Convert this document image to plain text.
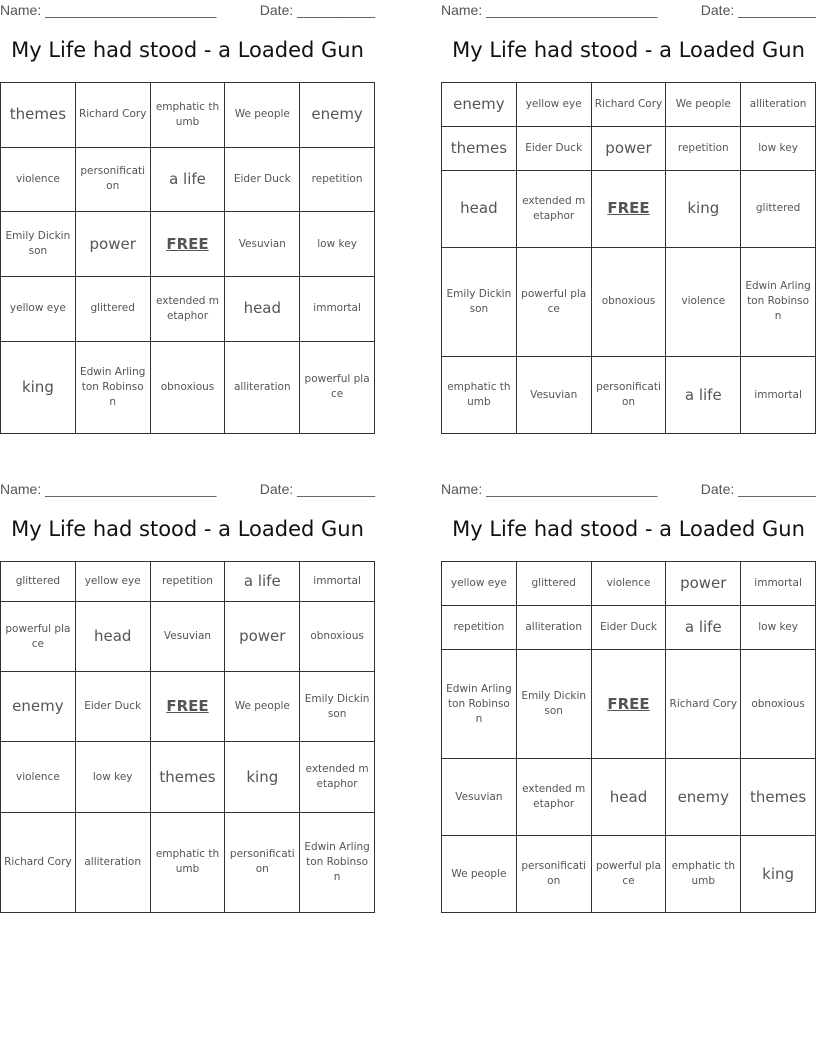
Name: ______________________	Date: __________
My Life had stood - a Loaded Gun
themes	Richard Cory	emphatic thumb	We people	enemy
violence	personification	a life	Eider Duck	repetition
Emily Dickinson	power	FREE	Vesuvian	low key
yellow eye	glittered	extended metaphor	head	immortal
king	Edwin Arlington Robinson	obnoxious	alliteration	powerful place
Name: ______________________	Date: __________
My Life had stood - a Loaded Gun
enemy	yellow eye	Richard Cory	We people	alliteration
themes	Eider Duck	power	repetition	low key
head	extended metaphor	FREE	king	glittered
Emily Dickinson	powerful place	obnoxious	violence	Edwin Arlington Robinson
emphatic thumb	Vesuvian	personification	a life	immortal
Name: ______________________	Date: __________
My Life had stood - a Loaded Gun
glittered	yellow eye	repetition	a life	immortal
powerful place	head	Vesuvian	power	obnoxious
enemy	Eider Duck	FREE	We people	Emily Dickinson
violence	low key	themes	king	extended metaphor
Richard Cory	alliteration	emphatic thumb	personification	Edwin Arlington Robinson
Name: ______________________	Date: __________
My Life had stood - a Loaded Gun
yellow eye	glittered	violence	power	immortal
repetition	alliteration	Eider Duck	a life	low key
Edwin Arlington Robinson	Emily Dickinson	FREE	Richard Cory	obnoxious
Vesuvian	extended metaphor	head	enemy	themes
We people	personification	powerful place	emphatic thumb	king
